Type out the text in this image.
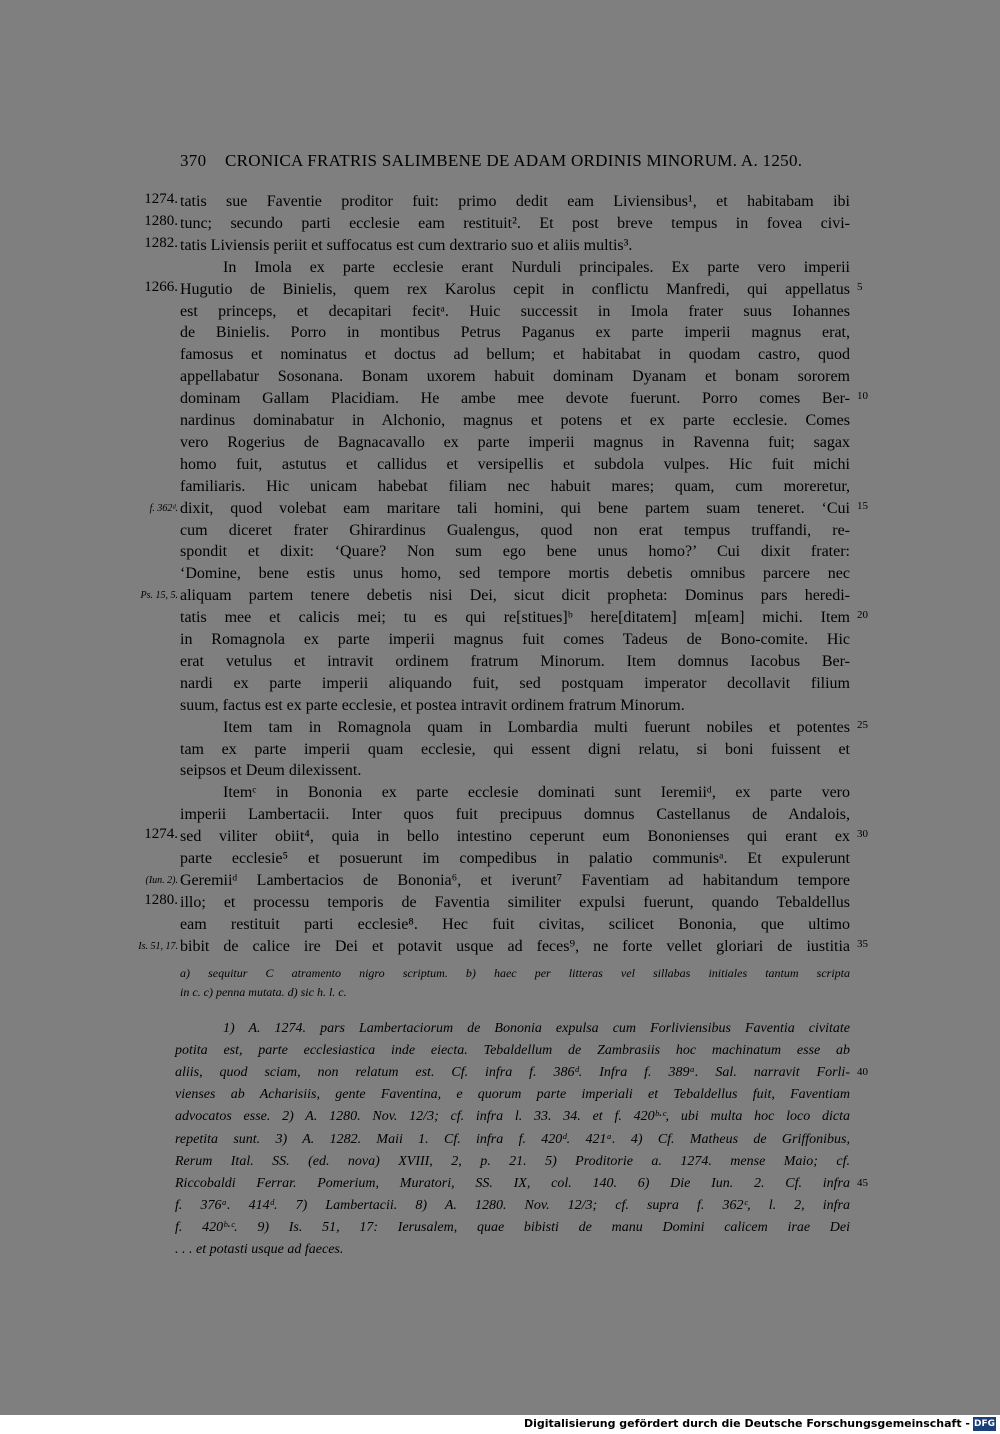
370 CRONICA FRATRIS SALIMBENE DE ADAM ORDINIS MINORUM. A. 1250.
1274. tatis sue Faventie proditor fuit: primo dedit eam Liviensibus¹, et habitabam ibi
1280. tunc; secundo parti ecclesie eam restituit². Et post breve tempus in fovea civi-
1282. tatis Liviensis periit et suffocatus est cum dextrario suo et aliis multis³.
In Imola ex parte ecclesie erant Nurduli principales. Ex parte vero imperii
1266. Hugutio de Binielis, quem rex Karolus cepit in conflictu Manfredi, qui appellatus 5
est princeps, et decapitari fecitᵃ. Huic successit in Imola frater suus Iohannes
de Binielis. Porro in montibus Petrus Paganus ex parte imperii magnus erat,
famosus et nominatus et doctus ad bellum; et habitabat in quodam castro, quod
appellabatur Sosonana. Bonam uxorem habuit dominam Dyanam et bonam sororem
dominam Gallam Placidiam. He ambe mee devote fuerunt. Porro comes Ber- 10
nardinus dominabatur in Alchonio, magnus et potens et ex parte ecclesie. Comes
vero Rogerius de Bagnacavallo ex parte imperii magnus in Ravenna fuit; sagax
homo fuit, astutus et callidus et versipellis et subdola vulpes. Hic fuit michi
familiaris. Hic unicam habebat filiam nec habuit mares; quam, cum moreretur,
f. 362ᵈ. dixit, quod volebat eam maritare tali homini, qui bene partem suam teneret. ‘Cui 15
cum diceret frater Ghirardinus Gualengus, quod non erat tempus truffandi, re-
spondit et dixit: ‘Quare? Non sum ego bene unus homo?’ Cui dixit frater:
‘Domine, bene estis unus homo, sed tempore mortis debetis omnibus parcere nec
Ps. 15, 5. aliquam partem tenere debetis nisi Dei, sicut dicit propheta: Dominus pars heredi-
tatis mee et calicis mei; tu es qui re[stitues]ᵇ here[ditatem] m[eam] michi. Item 20
in Romagnola ex parte imperii magnus fuit comes Tadeus de Bono-comite. Hic
erat vetulus et intravit ordinem fratrum Minorum. Item domnus Iacobus Ber-
nardi ex parte imperii aliquando fuit, sed postquam imperator decollavit filium
suum, factus est ex parte ecclesie, et postea intravit ordinem fratrum Minorum.
Item tam in Romagnola quam in Lombardia multi fuerunt nobiles et potentes 25
tam ex parte imperii quam ecclesie, qui essent digni relatu, si boni fuissent et
seipsos et Deum dilexissent.
Itemᶜ in Bononia ex parte ecclesie dominati sunt Ieremiiᵈ, ex parte vero
imperii Lambertacii. Inter quos fuit precipuus domnus Castellanus de Andalois,
1274. sed viliter obiit⁴, quia in bello intestino ceperunt eum Bononienses qui erant ex 30
parte ecclesie⁵ et posuerunt im compedibus in palatio communisᵃ. Et expulerunt
(Iun. 2). Geremiiᵈ Lambertacios de Bononia⁶, et iverunt⁷ Faventiam ad habitandum tempore
1280. illo; et processu temporis de Faventia similiter expulsi fuerunt, quando Tebaldellus
eam restituit parti ecclesie⁸. Hec fuit civitas, scilicet Bononia, que ultimo
Is. 51, 17. bibit de calice ire Dei et potavit usque ad feces⁹, ne forte vellet gloriari de iustitia 35
a) sequitur C atramento nigro scriptum. b) haec per litteras vel sillabas initiales tantum scripta
in c. c) penna mutata. d) sic h. l. c.
1) A. 1274. pars Lambertaciorum de Bononia expulsa cum Forliviensibus Faventia civitate
potita est, parte ecclesiastica inde eiecta. Tebaldellum de Zambrasiis hoc machinatum esse ab
aliis, quod sciam, non relatum est. Cf. infra f. 386ᵈ. Infra f. 389ᵃ. Sal. narravit Forli- 40
vienses ab Acharisiis, gente Faventina, e quorum parte imperiali et Tebaldellus fuit, Faventiam
advocatos esse. 2) A. 1280. Nov. 12/3; cf. infra l. 33. 34. et f. 420ᵇ·ᶜ, ubi multa hoc loco dicta
repetita sunt. 3) A. 1282. Maii 1. Cf. infra f. 420ᵈ. 421ᵃ. 4) Cf. Matheus de Griffonibus,
Rerum Ital. SS. (ed. nova) XVIII, 2, p. 21. 5) Proditorie a. 1274. mense Maio; cf.
Riccobaldi Ferrar. Pomerium, Muratori, SS. IX, col. 140. 6) Die Iun. 2. Cf. infra 45
f. 376ᵃ. 414ᵈ. 7) Lambertacii. 8) A. 1280. Nov. 12/3; cf. supra f. 362ᶜ, l. 2, infra
f. 420ᵇ·ᶜ. 9) Is. 51, 17: Ierusalem, quae bibisti de manu Domini calicem irae Dei
. . . et potasti usque ad faeces.
Digitalisierung gefördert durch die Deutsche Forschungsgemeinschaft - DFG
